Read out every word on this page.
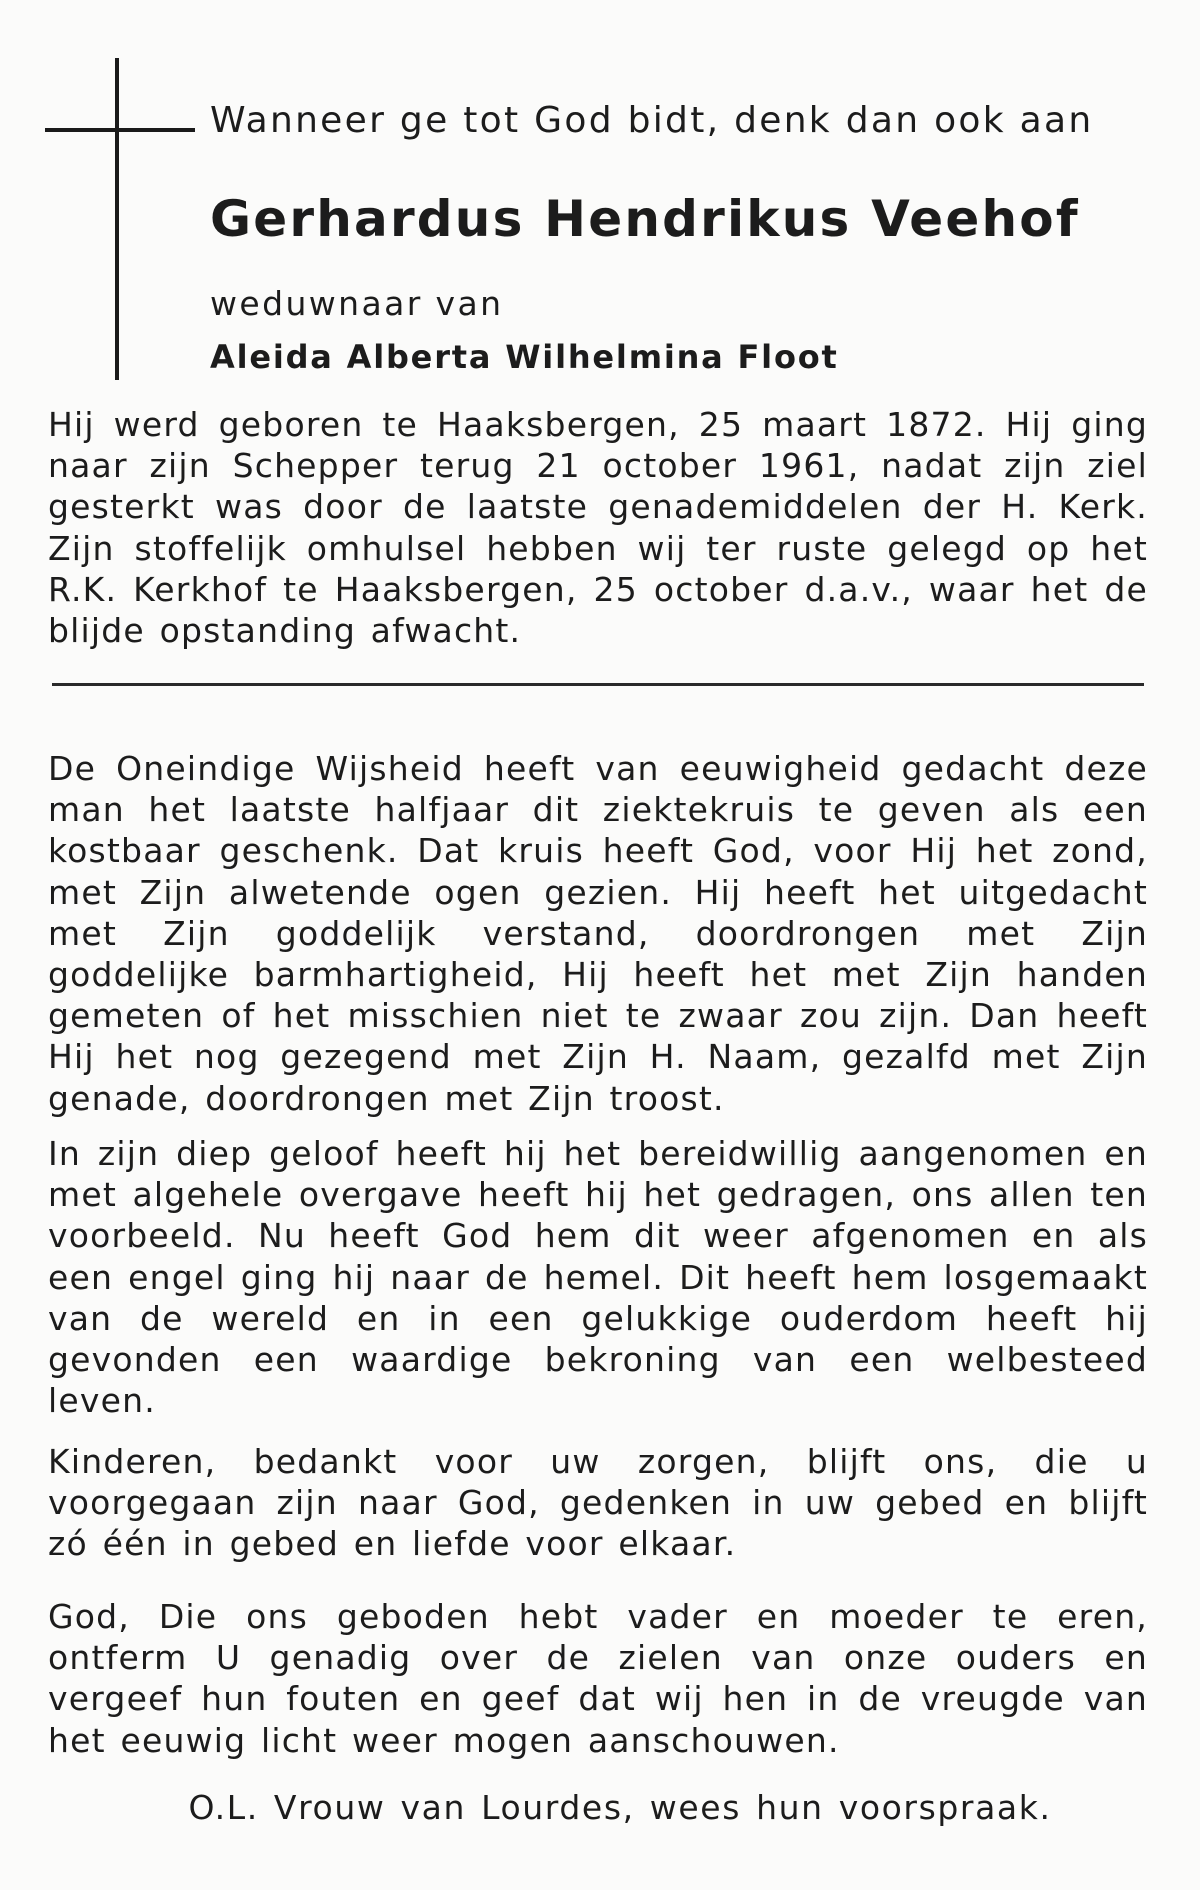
Wanneer ge tot God bidt, denk dan ook aan
Gerhardus Hendrikus Veehof
weduwnaar van
Aleida Alberta Wilhelmina Floot

Hij werd geboren te Haaksbergen, 25 maart 1872. Hij ging naar zijn Schepper terug 21 october 1961, nadat zijn ziel gesterkt was door de laatste genademiddelen der H. Kerk. Zijn stoffelijk omhulsel hebben wij ter ruste gelegd op het R.K. Kerkhof te Haaksbergen, 25 october d.a.v., waar het de blijde opstanding afwacht.

De Oneindige Wijsheid heeft van eeuwigheid gedacht deze man het laatste halfjaar dit ziektekruis te geven als een kostbaar geschenk. Dat kruis heeft God, voor Hij het zond, met Zijn alwetende ogen gezien. Hij heeft het uitgedacht met Zijn goddelijk verstand, doordrongen met Zijn goddelijke barmhartigheid, Hij heeft het met Zijn handen gemeten of het misschien niet te zwaar zou zijn. Dan heeft Hij het nog gezegend met Zijn H. Naam, gezalfd met Zijn genade, doordrongen met Zijn troost.

In zijn diep geloof heeft hij het bereidwillig aangenomen en met algehele overgave heeft hij het gedragen, ons allen ten voorbeeld. Nu heeft God hem dit weer afgenomen en als een engel ging hij naar de hemel. Dit heeft hem losgemaakt van de wereld en in een gelukkige ouderdom heeft hij gevonden een waardige bekroning van een welbesteed leven.

Kinderen, bedankt voor uw zorgen, blijft ons, die u voorgegaan zijn naar God, gedenken in uw gebed en blijft zó één in gebed en liefde voor elkaar.

God, Die ons geboden hebt vader en moeder te eren, ontferm U genadig over de zielen van onze ouders en vergeef hun fouten en geef dat wij hen in de vreugde van het eeuwig licht weer mogen aanschouwen.

O.L. Vrouw van Lourdes, wees hun voorspraak.
